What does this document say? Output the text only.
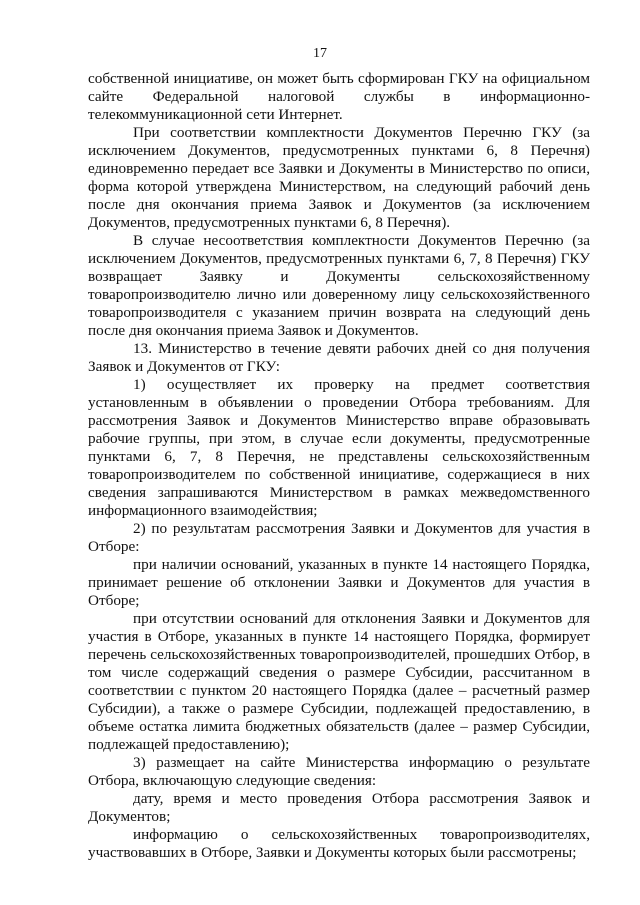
17

собственной инициативе, он может быть сформирован ГКУ на официальном сайте Федеральной налоговой службы в информационно-телекоммуникационной сети Интернет.

При соответствии комплектности Документов Перечню ГКУ (за исключением Документов, предусмотренных пунктами 6, 8 Перечня) единовременно передает все Заявки и Документы в Министерство по описи, форма которой утверждена Министерством, на следующий рабочий день после дня окончания приема Заявок и Документов (за исключением Документов, предусмотренных пунктами 6, 8 Перечня).

В случае несоответствия комплектности Документов Перечню (за исключением Документов, предусмотренных пунктами 6, 7, 8 Перечня) ГКУ возвращает Заявку и Документы сельскохозяйственному товаропроизводителю лично или доверенному лицу сельскохозяйственного товаропроизводителя с указанием причин возврата на следующий день после дня окончания приема Заявок и Документов.

13. Министерство в течение девяти рабочих дней со дня получения Заявок и Документов от ГКУ:

1) осуществляет их проверку на предмет соответствия установленным в объявлении о проведении Отбора требованиям. Для рассмотрения Заявок и Документов Министерство вправе образовывать рабочие группы, при этом, в случае если документы, предусмотренные пунктами 6, 7, 8 Перечня, не представлены сельскохозяйственным товаропроизводителем по собственной инициативе, содержащиеся в них сведения запрашиваются Министерством в рамках межведомственного информационного взаимодействия;

2) по результатам рассмотрения Заявки и Документов для участия в Отборе:

при наличии оснований, указанных в пункте 14 настоящего Порядка, принимает решение об отклонении Заявки и Документов для участия в Отборе;

при отсутствии оснований для отклонения Заявки и Документов для участия в Отборе, указанных в пункте 14 настоящего Порядка, формирует перечень сельскохозяйственных товаропроизводителей, прошедших Отбор, в том числе содержащий сведения о размере Субсидии, рассчитанном в соответствии с пунктом 20 настоящего Порядка (далее – расчетный размер Субсидии), а также о размере Субсидии, подлежащей предоставлению, в объеме остатка лимита бюджетных обязательств (далее – размер Субсидии, подлежащей предоставлению);

3) размещает на сайте Министерства информацию о результате Отбора, включающую следующие сведения:

дату, время и место проведения Отбора рассмотрения Заявок и Документов;

информацию о сельскохозяйственных товаропроизводителях, участвовавших в Отборе, Заявки и Документы которых были рассмотрены;
